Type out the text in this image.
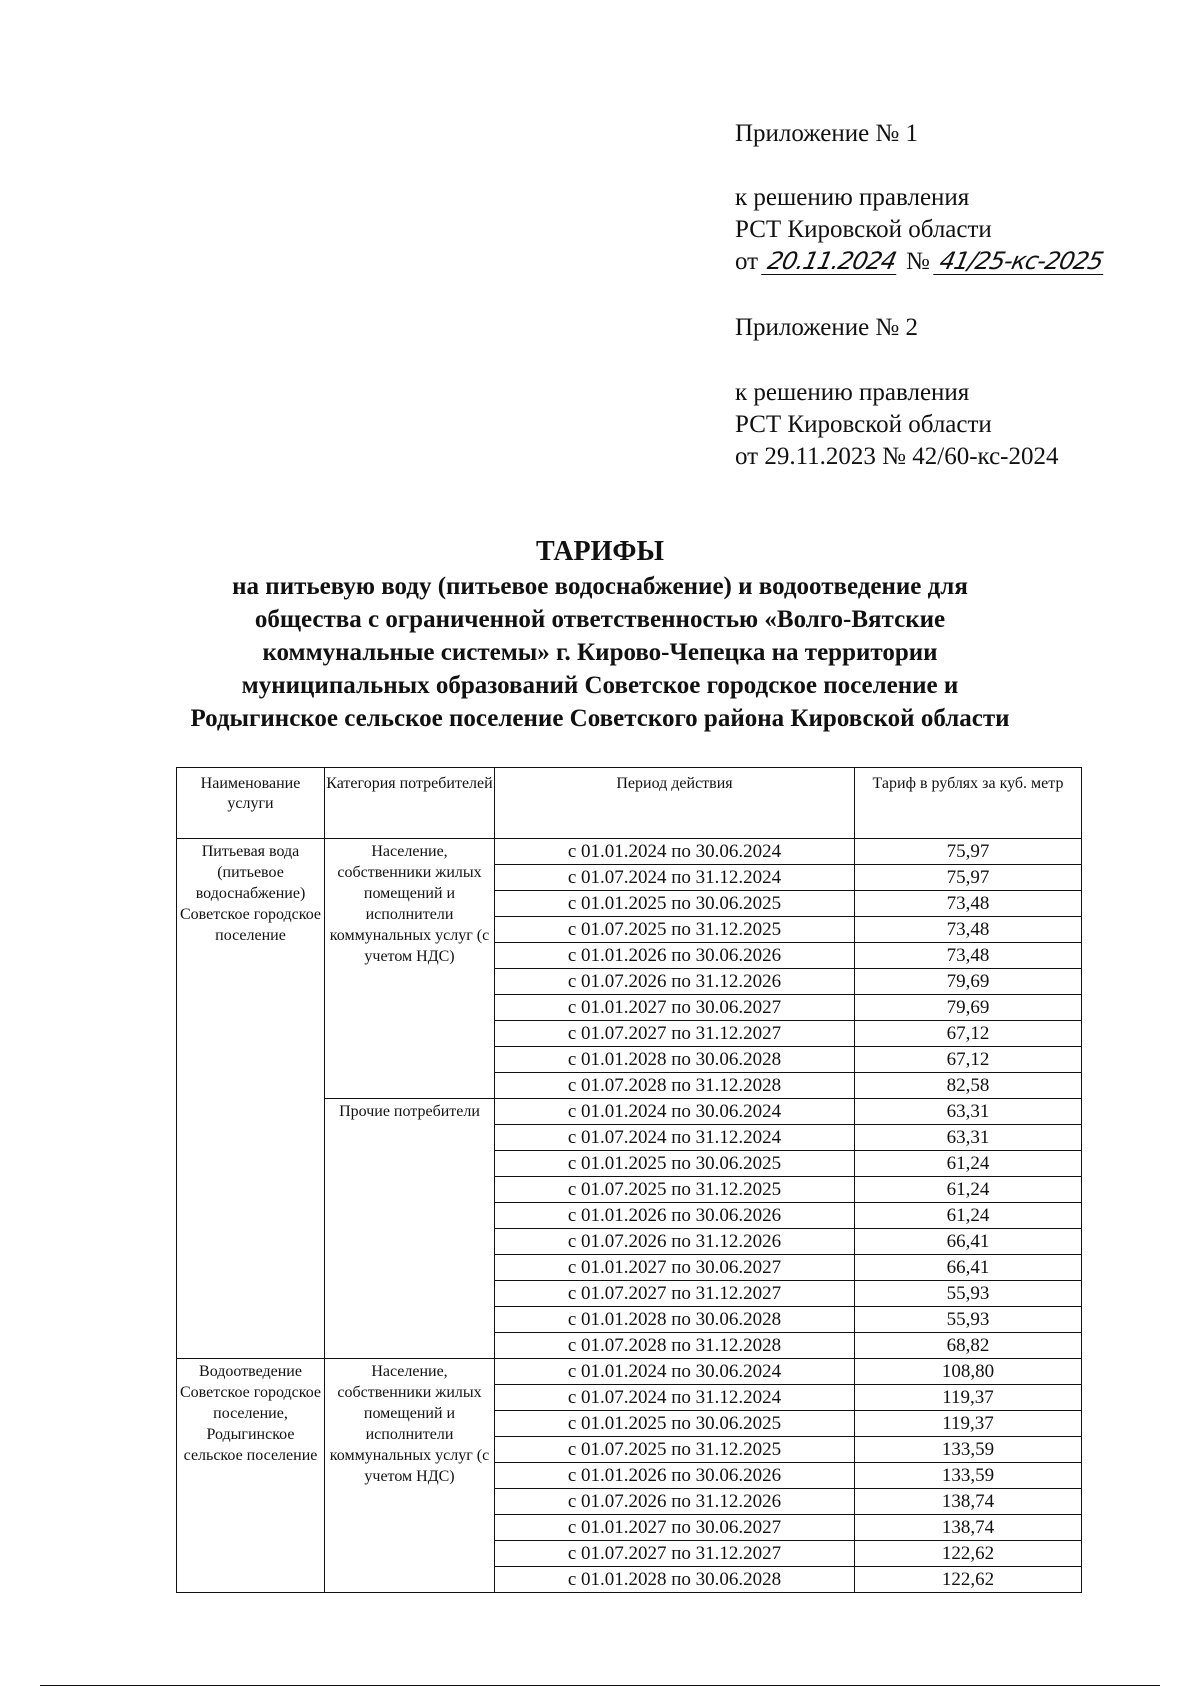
Приложение № 1
к решению правления
РСТ Кировской области
от 20.11.2024 № 41/25-кс-2025
Приложение № 2
к решению правления
РСТ Кировской области
от 29.11.2023 № 42/60-кс-2024
ТАРИФЫ
на питьевую воду (питьевое водоснабжение) и водоотведение для
общества с ограниченной ответственностью «Волго-Вятские
коммунальные системы» г. Кирово-Чепецка на территории
муниципальных образований Советское городское поселение и
Родыгинское сельское поселение Советского района Кировской области
Наименование услуги	Категория потребителей	Период действия	Тариф в рублях за куб. метр
Питьевая вода (питьевое водоснабжение) Советское городское поселение	Население, собственники жилых помещений и исполнители коммунальных услуг (с учетом НДС)	с 01.01.2024 по 30.06.2024	75,97
		с 01.07.2024 по 31.12.2024	75,97
		с 01.01.2025 по 30.06.2025	73,48
		с 01.07.2025 по 31.12.2025	73,48
		с 01.01.2026 по 30.06.2026	73,48
		с 01.07.2026 по 31.12.2026	79,69
		с 01.01.2027 по 30.06.2027	79,69
		с 01.07.2027 по 31.12.2027	67,12
		с 01.01.2028 по 30.06.2028	67,12
		с 01.07.2028 по 31.12.2028	82,58
	Прочие потребители	с 01.01.2024 по 30.06.2024	63,31
		с 01.07.2024 по 31.12.2024	63,31
		с 01.01.2025 по 30.06.2025	61,24
		с 01.07.2025 по 31.12.2025	61,24
		с 01.01.2026 по 30.06.2026	61,24
		с 01.07.2026 по 31.12.2026	66,41
		с 01.01.2027 по 30.06.2027	66,41
		с 01.07.2027 по 31.12.2027	55,93
		с 01.01.2028 по 30.06.2028	55,93
		с 01.07.2028 по 31.12.2028	68,82
Водоотведение Советское городское поселение, Родыгинское сельское поселение	Население, собственники жилых помещений и исполнители коммунальных услуг (с учетом НДС)	с 01.01.2024 по 30.06.2024	108,80
		с 01.07.2024 по 31.12.2024	119,37
		с 01.01.2025 по 30.06.2025	119,37
		с 01.07.2025 по 31.12.2025	133,59
		с 01.01.2026 по 30.06.2026	133,59
		с 01.07.2026 по 31.12.2026	138,74
		с 01.01.2027 по 30.06.2027	138,74
		с 01.07.2027 по 31.12.2027	122,62
		с 01.01.2028 по 30.06.2028	122,62
